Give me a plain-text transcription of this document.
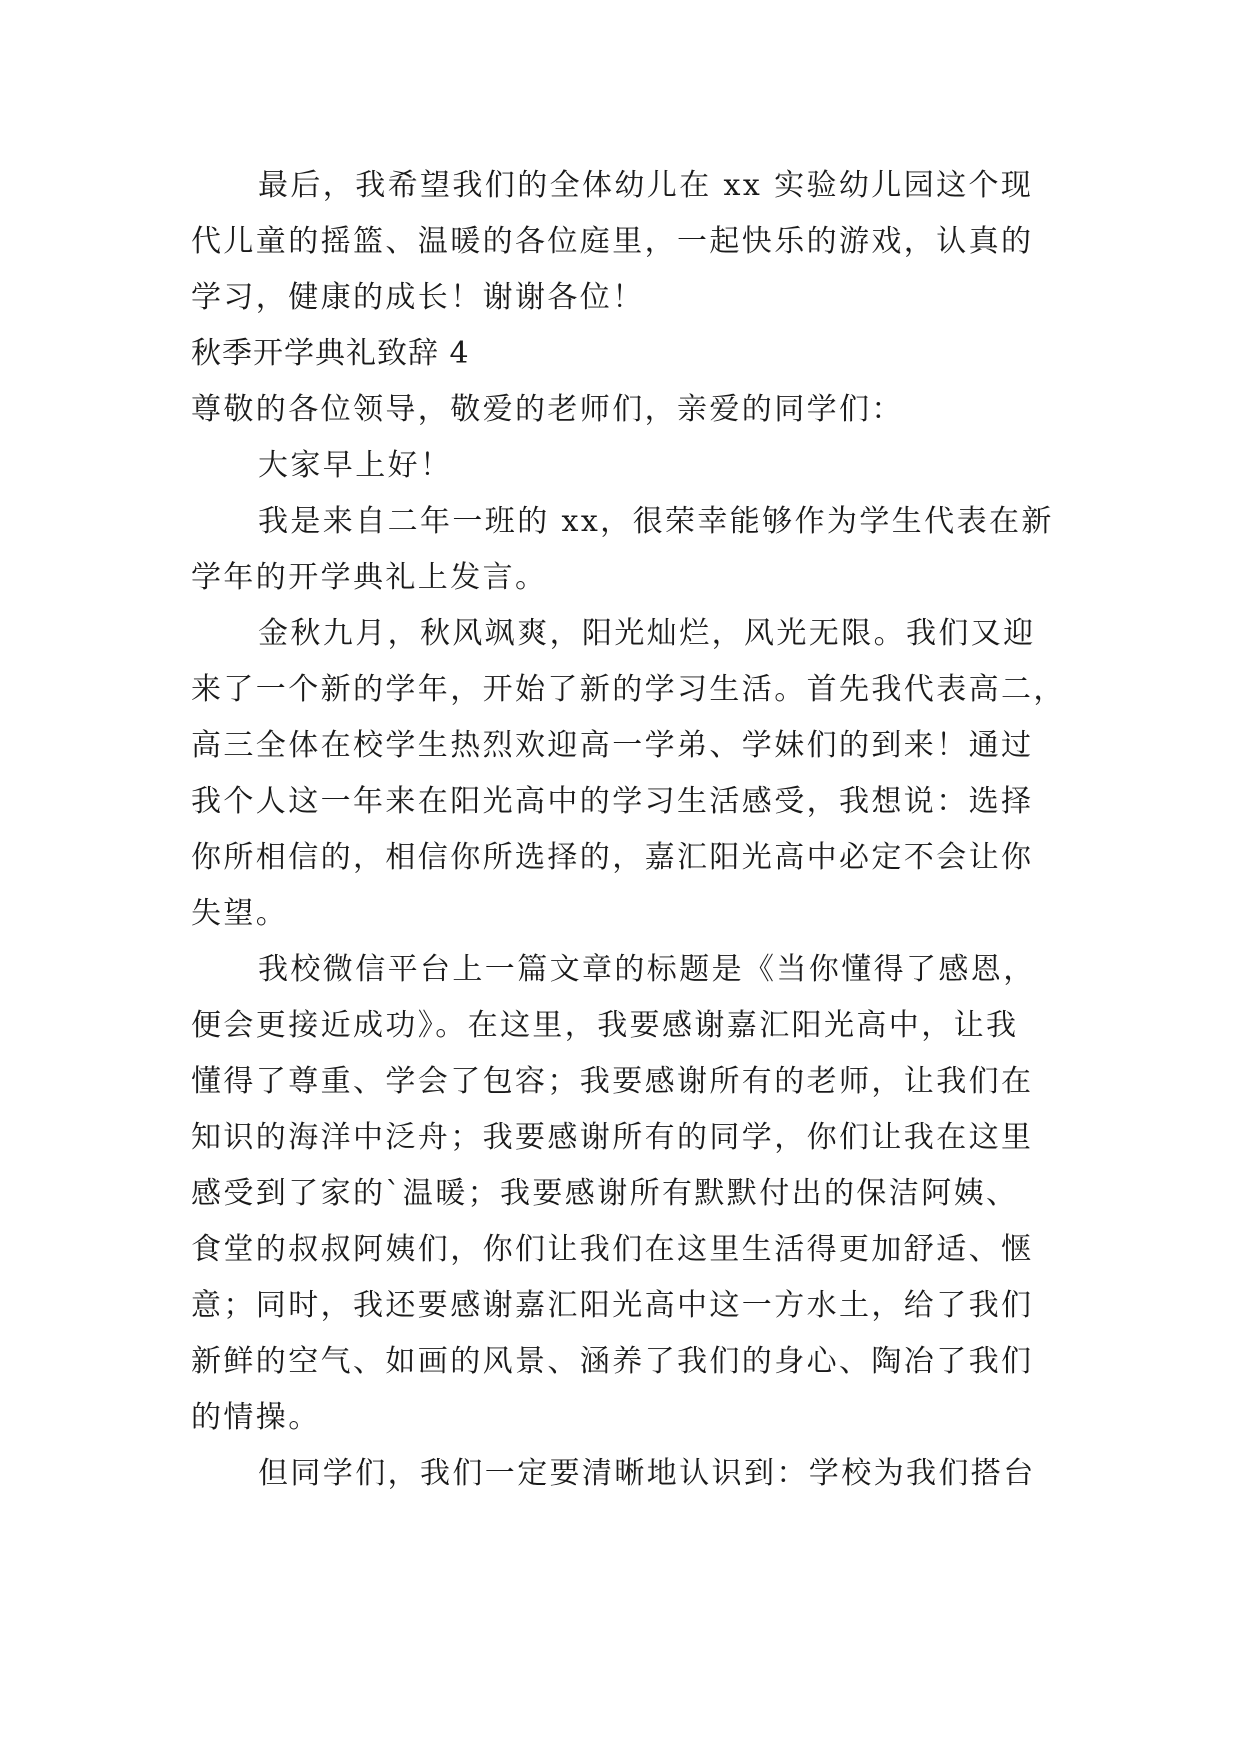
最后，我希望我们的全体幼儿在 xx 实验幼儿园这个现
代儿童的摇篮、温暖的各位庭里，一起快乐的游戏，认真的
学习，健康的成长！谢谢各位！
秋季开学典礼致辞 4
尊敬的各位领导，敬爱的老师们，亲爱的同学们：
大家早上好！
我是来自二年一班的 xx，很荣幸能够作为学生代表在新
学年的开学典礼上发言。
金秋九月，秋风飒爽，阳光灿烂，风光无限。我们又迎
来了一个新的学年，开始了新的学习生活。首先我代表高二，
高三全体在校学生热烈欢迎高一学弟、学妹们的到来！通过
我个人这一年来在阳光高中的学习生活感受，我想说：选择
你所相信的，相信你所选择的，嘉汇阳光高中必定不会让你
失望。
我校微信平台上一篇文章的标题是《当你懂得了感恩，
便会更接近成功》。在这里，我要感谢嘉汇阳光高中，让我
懂得了尊重、学会了包容；我要感谢所有的老师，让我们在
知识的海洋中泛舟；我要感谢所有的同学，你们让我在这里
感受到了家的`温暖；我要感谢所有默默付出的保洁阿姨、
食堂的叔叔阿姨们，你们让我们在这里生活得更加舒适、惬
意；同时，我还要感谢嘉汇阳光高中这一方水土，给了我们
新鲜的空气、如画的风景、涵养了我们的身心、陶冶了我们
的情操。
但同学们，我们一定要清晰地认识到：学校为我们搭台
